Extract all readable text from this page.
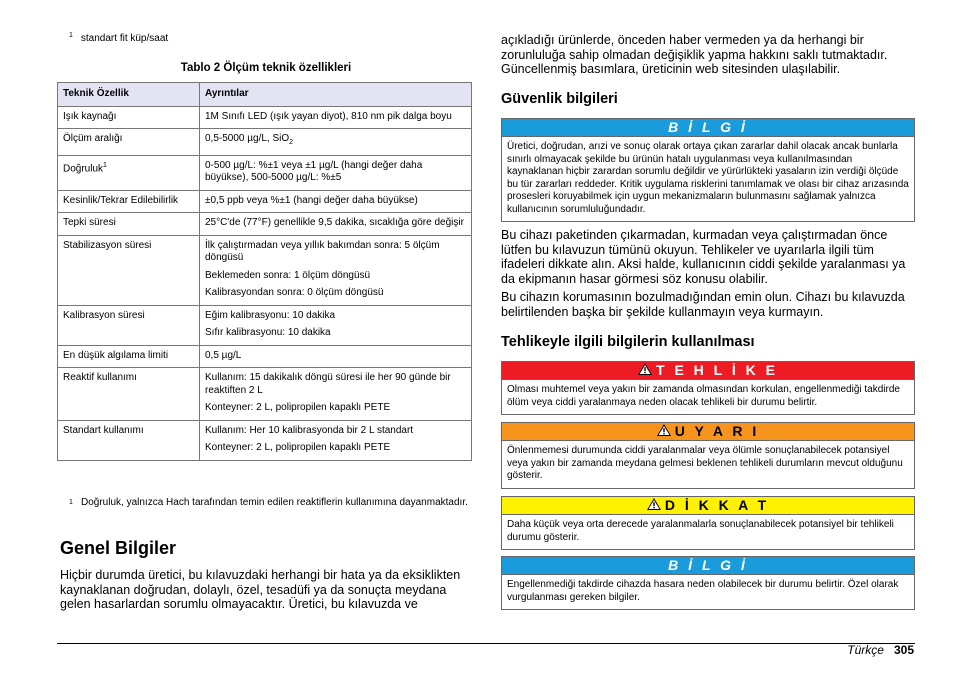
$^1$ standart fit küp/saat
Tablo 2 Ölçüm teknik özellikleri
Teknik Özellik	Ayrıntılar
Işık kaynağı	1M Sınıfı LED (ışık yayan diyot), 810 nm pik dalga boyu

Ölçüm aralığı	0,5-5000 µg/L, SiO$_2$
Doğruluk$^1$	0-500 µg/L: %±1 veya ±1 µg/L (hangi değer daha büyükse), 500-5000 µg/L: %±5

Kesinlik/Tekrar Edilebilirlik	±0,5 ppb veya %±1 (hangi değer daha büyükse)

Tepki süresi	25°C'de (77°F) genellikle 9,5 dakika, sıcaklığa göre değişir

Stabilizasyon süresi	İlk çalıştırmadan veya yıllık bakımdan sonra: 5 ölçüm döngüsü

Beklemeden sonra: 1 ölçüm döngüsü

Kalibrasyondan sonra: 0 ölçüm döngüsü

Kalibrasyon süresi	Eğim kalibrasyonu: 10 dakika

Sıfır kalibrasyonu: 10 dakika

En düşük algılama limiti	0,5 µg/L

Reaktif kullanımı	Kullanım: 15 dakikalık döngü süresi ile her 90 günde bir reaktiften 2 L

Konteyner: 2 L, polipropilen kapaklı PETE

Standart kullanımı	Kullanım: Her 10 kalibrasyonda bir 2 L standart

Konteyner: 2 L, polipropilen kapaklı PETE

1 Doğruluk, yalnızca Hach tarafından temin edilen reaktiflerin kullanımına dayanmaktadır.
Genel Bilgiler
Hiçbir durumda üretici, bu kılavuzdaki herhangi bir hata ya da eksiklikten kaynaklanan doğrudan, dolaylı, özel, tesadüfi ya da sonuçta meydana gelen hasarlardan sorumlu olmayacaktır. Üretici, bu kılavuzda ve
açıkladığı ürünlerde, önceden haber vermeden ya da herhangi bir zorunluluğa sahip olmadan değişiklik yapma hakkını saklı tutmaktadır. Güncellenmiş basımlara, üreticinin web sitesinden ulaşılabilir.
Güvenlik bilgileri
B İ L G İ
Üretici, doğrudan, arızi ve sonuç olarak ortaya çıkan zararlar dahil olacak ancak bunlarla sınırlı olmayacak şekilde bu ürünün hatalı uygulanması veya kullanılmasından kaynaklanan hiçbir zarardan sorumlu değildir ve yürürlükteki yasaların izin verdiği ölçüde bu tür zararları reddeder. Kritik uygulama risklerini tanımlamak ve olası bir cihaz arızasında prosesleri koruyabilmek için uygun mekanizmaların bulunmasını sağlamak yalnızca kullanıcının sorumluluğundadır.
Bu cihazı paketinden çıkarmadan, kurmadan veya çalıştırmadan önce lütfen bu kılavuzun tümünü okuyun. Tehlikeler ve uyarılarla ilgili tüm ifadeleri dikkate alın. Aksi halde, kullanıcının ciddi şekilde yaralanması ya da ekipmanın hasar görmesi söz konusu olabilir.
Bu cihazın korumasının bozulmadığından emin olun. Cihazı bu kılavuzda belirtilenden başka bir şekilde kullanmayın veya kurmayın.
Tehlikeyle ilgili bilgilerin kullanılması
T E H L İ K E
Olması muhtemel veya yakın bir zamanda olmasından korkulan, engellenmediği takdirde ölüm veya ciddi yaralanmaya neden olacak tehlikeli bir durumu belirtir.
U Y A R I
Önlenmemesi durumunda ciddi yaralanmalar veya ölümle sonuçlanabilecek potansiyel veya yakın bir zamanda meydana gelmesi beklenen tehlikeli durumların mevcut olduğunu gösterir.
D İ K K A T
Daha küçük veya orta derecede yaralanmalarla sonuçlanabilecek potansiyel bir tehlikeli durumu gösterir.
B İ L G İ
Engellenmediği takdirde cihazda hasara neden olabilecek bir durumu belirtir. Özel olarak vurgulanması gereken bilgiler.
Türkçe 305
